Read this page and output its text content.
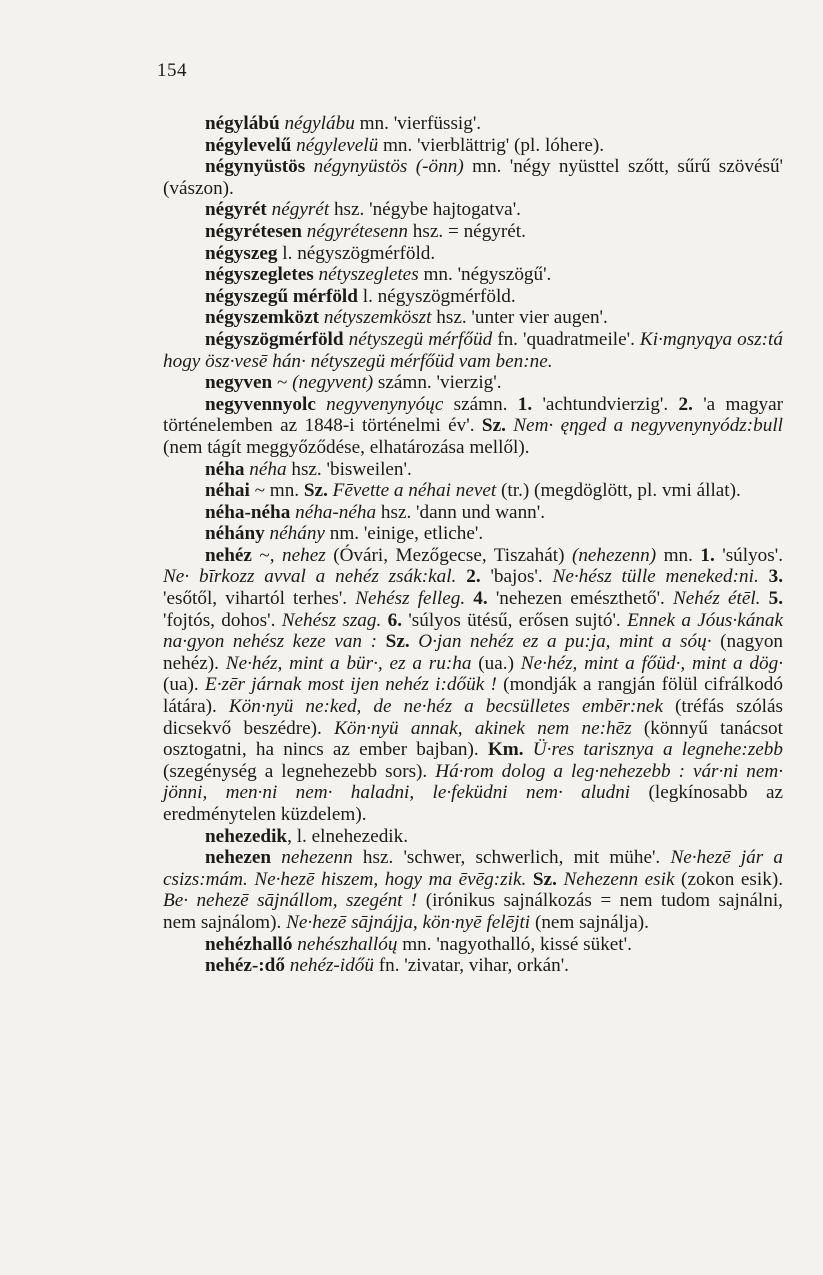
154

négylábú négylábu mn. 'vierfüssig'.

négylevelű négylevelü mn. 'vierblättrig' (pl. lóhere).

négynyüstös négynyüstös (-önn) mn. 'négy nyüsttel szőtt, sűrű szövésű' (vászon).

négyrét négyrét hsz. 'négybe hajtogatva'.

négyrétesen négyrétesenn hsz. = négyrét.

négyszeg l. négyszögmérföld.

négyszegletes nétyszegletes mn. 'négyszögű'.

négyszegű mérföld l. négyszögmérföld.

négyszemközt nétyszemköszt hsz. 'unter vier augen'.

négyszögmérföld nétyszegü mérfőüd fn. 'quadratmeile'. Ki·mgnyqya osz:tá hogy ösz·vesē hán· nétyszegü mérfőüd vam ben:ne.

negyven ~ (negyvent) számn. 'vierzig'.

negyvennyolc negyvenynyóųc számn. 1. 'achtundvierzig'. 2. 'a magyar történelemben az 1848-i történelmi év'. Sz. Nem· ęηged a negyvenynyódz:bull (nem tágít meggyőződése, elhatározása mellől).

néha néha hsz. 'bisweilen'.

néhai ~ mn. Sz. Fēvette a néhai nevet (tr.) (megdöglött, pl. vmi állat).

néha-néha néha-néha hsz. 'dann und wann'.

néhány néhány nm. 'einige, etliche'.

nehéz ~, nehez (Óvári, Mezőgecse, Tiszahát) (nehezenn) mn. 1. 'súlyos'. Ne· bīrkozz avval a nehéz zsák:kal. 2. 'bajos'. Ne·hész tülle meneked:ni. 3. 'esőtől, vihartól terhes'. Nehész felleg. 4. 'nehezen emészthető'. Nehéz étēl. 5. 'fojtós, dohos'. Nehész szag. 6. 'súlyos ütésű, erősen sujtó'. Ennek a Jóus·kának na·gyon nehész keze van : Sz. O·jan nehéz ez a pu:ja, mint a sóų· (nagyon nehéz). Ne·héz, mint a bür·, ez a ru:ha (ua.) Ne·héz, mint a főüd·, mint a dög· (ua). E·zēr járnak most ijen nehéz i:dőük ! (mondják a rangján fölül cifrálkodó látára). Kön·nyü ne:ked, de ne·héz a becsülletes embēr:nek (tréfás szólás dicsekvő beszédre). Kön·nyü annak, akinek nem ne:hēz (könnyű tanácsot osztogatni, ha nincs az ember bajban). Km. Ü·res tarisznya a legnehe:zebb (szegénység a legnehezebb sors). Há·rom dolog a leg·nehezebb : vár·ni nem· jönni, men·ni nem· haladni, le·feküdni nem· aludni (legkínosabb az eredménytelen küzdelem).

nehezedik, l. elnehezedik.

nehezen nehezenn hsz. 'schwer, schwerlich, mit mühe'. Ne·hezē jár a csizs:mám. Ne·hezē hiszem, hogy ma ēvēg:zik. Sz. Nehezenn esik (zokon esik). Be· nehezē sājnállom, szegént ! (irónikus sajnálkozás = nem tudom sajnálni, nem sajnálom). Ne·hezē sājnájja, kön·nyē felējti (nem sajnálja).

nehézhalló nehészhallóų mn. 'nagyothalló, kissé süket'.

nehéz-:dő nehéz-időü fn. 'zivatar, vihar, orkán'.
